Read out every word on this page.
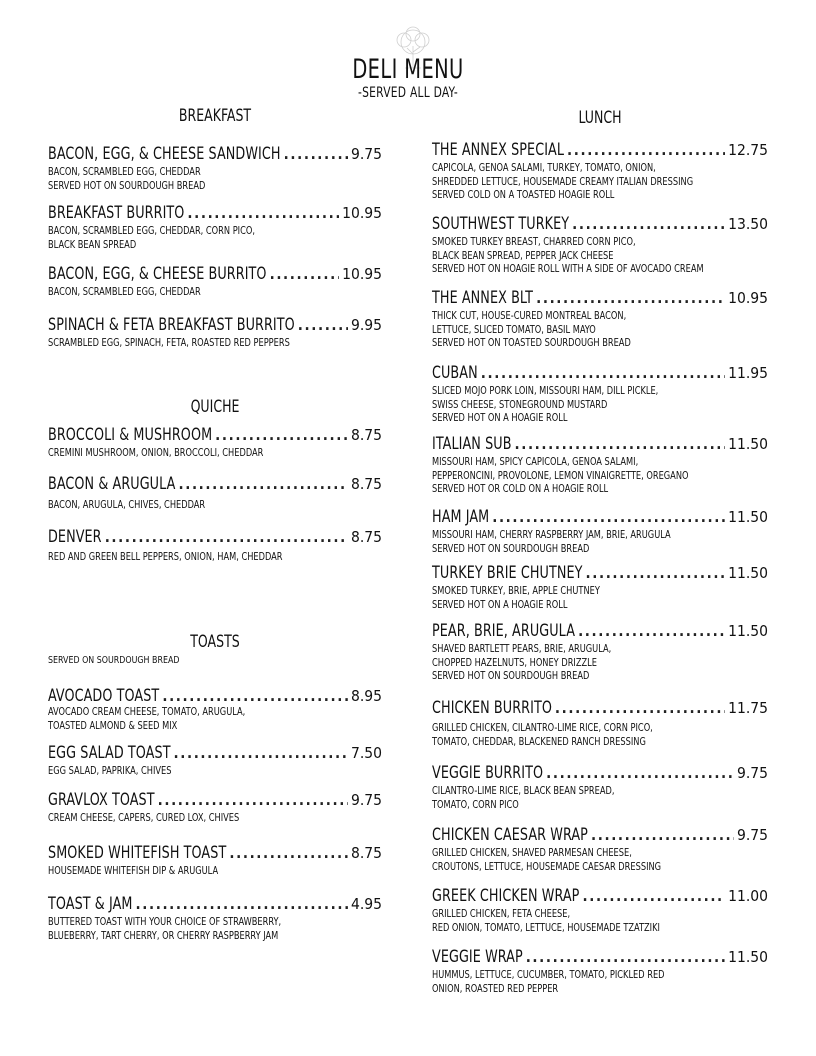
DELI MENU
-SERVED ALL DAY-
BREAKFAST
BACON, EGG, & CHEESE SANDWICH .....	9.75
BACON, SCRAMBLED EGG, CHEDDAR
SERVED HOT ON SOURDOUGH BREAD
BREAKFAST BURRITO .....	10.95
BACON, SCRAMBLED EGG, CHEDDAR, CORN PICO,
BLACK BEAN SPREAD
BACON, EGG, & CHEESE BURRITO .....	10.95
BACON, SCRAMBLED EGG, CHEDDAR
SPINACH & FETA BREAKFAST BURRITO .....	9.95
SCRAMBLED EGG, SPINACH, FETA, ROASTED RED PEPPERS
QUICHE
BROCCOLI & MUSHROOM .....	8.75
CREMINI MUSHROOM, ONION, BROCCOLI, CHEDDAR
BACON & ARUGULA .....	8.75
BACON, ARUGULA, CHIVES, CHEDDAR
DENVER .....	8.75
RED AND GREEN BELL PEPPERS, ONION, HAM, CHEDDAR
TOASTS
SERVED ON SOURDOUGH BREAD
AVOCADO TOAST .....	8.95
AVOCADO CREAM CHEESE, TOMATO, ARUGULA,
TOASTED ALMOND & SEED MIX
EGG SALAD TOAST .....	7.50
EGG SALAD, PAPRIKA, CHIVES
GRAVLOX TOAST .....	9.75
CREAM CHEESE, CAPERS, CURED LOX, CHIVES
SMOKED WHITEFISH TOAST .....	8.75
HOUSEMADE WHITEFISH DIP & ARUGULA
TOAST & JAM .....	4.95
BUTTERED TOAST WITH YOUR CHOICE OF STRAWBERRY,
BLUEBERRY, TART CHERRY, OR CHERRY RASPBERRY JAM
LUNCH
THE ANNEX SPECIAL .....	12.75
CAPICOLA, GENOA SALAMI, TURKEY, TOMATO, ONION,
SHREDDED LETTUCE, HOUSEMADE CREAMY ITALIAN DRESSING
SERVED COLD ON A TOASTED HOAGIE ROLL
SOUTHWEST TURKEY .....	13.50
SMOKED TURKEY BREAST, CHARRED CORN PICO,
BLACK BEAN SPREAD, PEPPER JACK CHEESE
SERVED HOT ON HOAGIE ROLL WITH A SIDE OF AVOCADO CREAM
THE ANNEX BLT .....	10.95
THICK CUT, HOUSE-CURED MONTREAL BACON,
LETTUCE, SLICED TOMATO, BASIL MAYO
SERVED HOT ON TOASTED SOURDOUGH BREAD
CUBAN .....	11.95
SLICED MOJO PORK LOIN, MISSOURI HAM, DILL PICKLE,
SWISS CHEESE, STONEGROUND MUSTARD
SERVED HOT ON A HOAGIE ROLL
ITALIAN SUB .....	11.50
MISSOURI HAM, SPICY CAPICOLA, GENOA SALAMI,
PEPPERONCINI, PROVOLONE, LEMON VINAIGRETTE, OREGANO
SERVED HOT OR COLD ON A HOAGIE ROLL
HAM JAM .....	11.50
MISSOURI HAM, CHERRY RASPBERRY JAM, BRIE, ARUGULA
SERVED HOT ON SOURDOUGH BREAD
TURKEY BRIE CHUTNEY .....	11.50
SMOKED TURKEY, BRIE, APPLE CHUTNEY
SERVED HOT ON A HOAGIE ROLL
PEAR, BRIE, ARUGULA .....	11.50
SHAVED BARTLETT PEARS, BRIE, ARUGULA,
CHOPPED HAZELNUTS, HONEY DRIZZLE
SERVED HOT ON SOURDOUGH BREAD
CHICKEN BURRITO .....	11.75
GRILLED CHICKEN, CILANTRO-LIME RICE, CORN PICO,
TOMATO, CHEDDAR, BLACKENED RANCH DRESSING
VEGGIE BURRITO .....	9.75
CILANTRO-LIME RICE, BLACK BEAN SPREAD,
TOMATO, CORN PICO
CHICKEN CAESAR WRAP .....	9.75
GRILLED CHICKEN, SHAVED PARMESAN CHEESE,
CROUTONS, LETTUCE, HOUSEMADE CAESAR DRESSING
GREEK CHICKEN WRAP .....	11.00
GRILLED CHICKEN, FETA CHEESE,
RED ONION, TOMATO, LETTUCE, HOUSEMADE TZATZIKI
VEGGIE WRAP .....	11.50
HUMMUS, LETTUCE, CUCUMBER, TOMATO, PICKLED RED
ONION, ROASTED RED PEPPER
